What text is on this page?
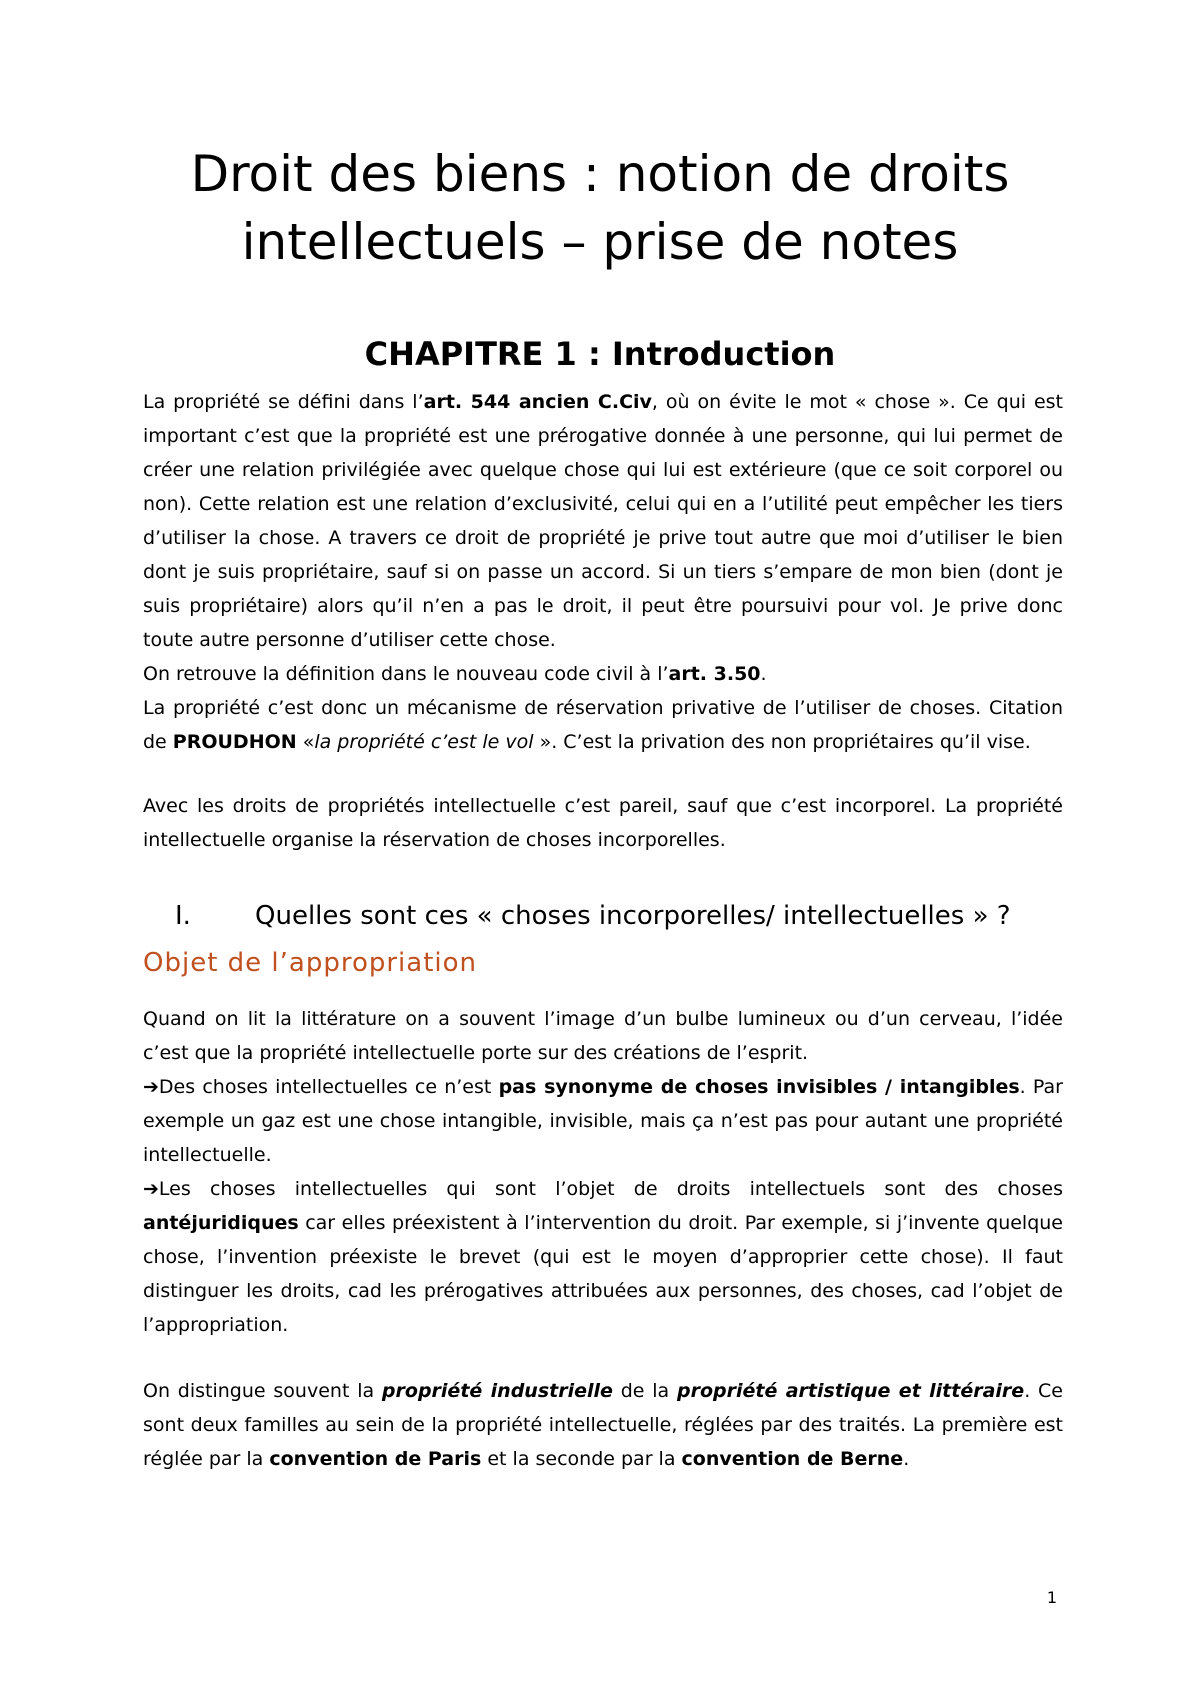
Droit des biens : notion de droits
intellectuels – prise de notes
CHAPITRE 1 : Introduction

La propriété se défini dans l’art. 544 ancien C.Civ, où on évite le mot « chose ». Ce qui est important c’est que la propriété est une prérogative donnée à une personne, qui lui permet de créer une relation privilégiée avec quelque chose qui lui est extérieure (que ce soit corporel ou non). Cette relation est une relation d’exclusivité, celui qui en a l’utilité peut empêcher les tiers d’utiliser la chose. A travers ce droit de propriété je prive tout autre que moi d’utiliser le bien dont je suis propriétaire, sauf si on passe un accord. Si un tiers s’empare de mon bien (dont je suis propriétaire) alors qu’il n’en a pas le droit, il peut être poursuivi pour vol. Je prive donc toute autre personne d’utiliser cette chose.

On retrouve la définition dans le nouveau code civil à l’art. 3.50.

La propriété c’est donc un mécanisme de réservation privative de l’utiliser de choses. Citation de PROUDHON «la propriété c’est le vol ». C’est la privation des non propriétaires qu’il vise.

Avec les droits de propriétés intellectuelle c’est pareil, sauf que c’est incorporel. La propriété intellectuelle organise la réservation de choses incorporelles.

I. Quelles sont ces « choses incorporelles/ intellectuelles » ?
Objet de l’appropriation

Quand on lit la littérature on a souvent l’image d’un bulbe lumineux ou d’un cerveau, l’idée c’est que la propriété intellectuelle porte sur des créations de l’esprit.

➔Des choses intellectuelles ce n’est pas synonyme de choses invisibles / intangibles. Par exemple un gaz est une chose intangible, invisible, mais ça n’est pas pour autant une propriété intellectuelle.

➔Les choses intellectuelles qui sont l’objet de droits intellectuels sont des choses antéjuridiques car elles préexistent à l’intervention du droit. Par exemple, si j’invente quelque chose, l’invention préexiste le brevet (qui est le moyen d’approprier cette chose). Il faut distinguer les droits, cad les prérogatives attribuées aux personnes, des choses, cad l’objet de l’appropriation.

On distingue souvent la propriété industrielle de la propriété artistique et littéraire. Ce sont deux familles au sein de la propriété intellectuelle, réglées par des traités. La première est réglée par la convention de Paris et la seconde par la convention de Berne.

1
